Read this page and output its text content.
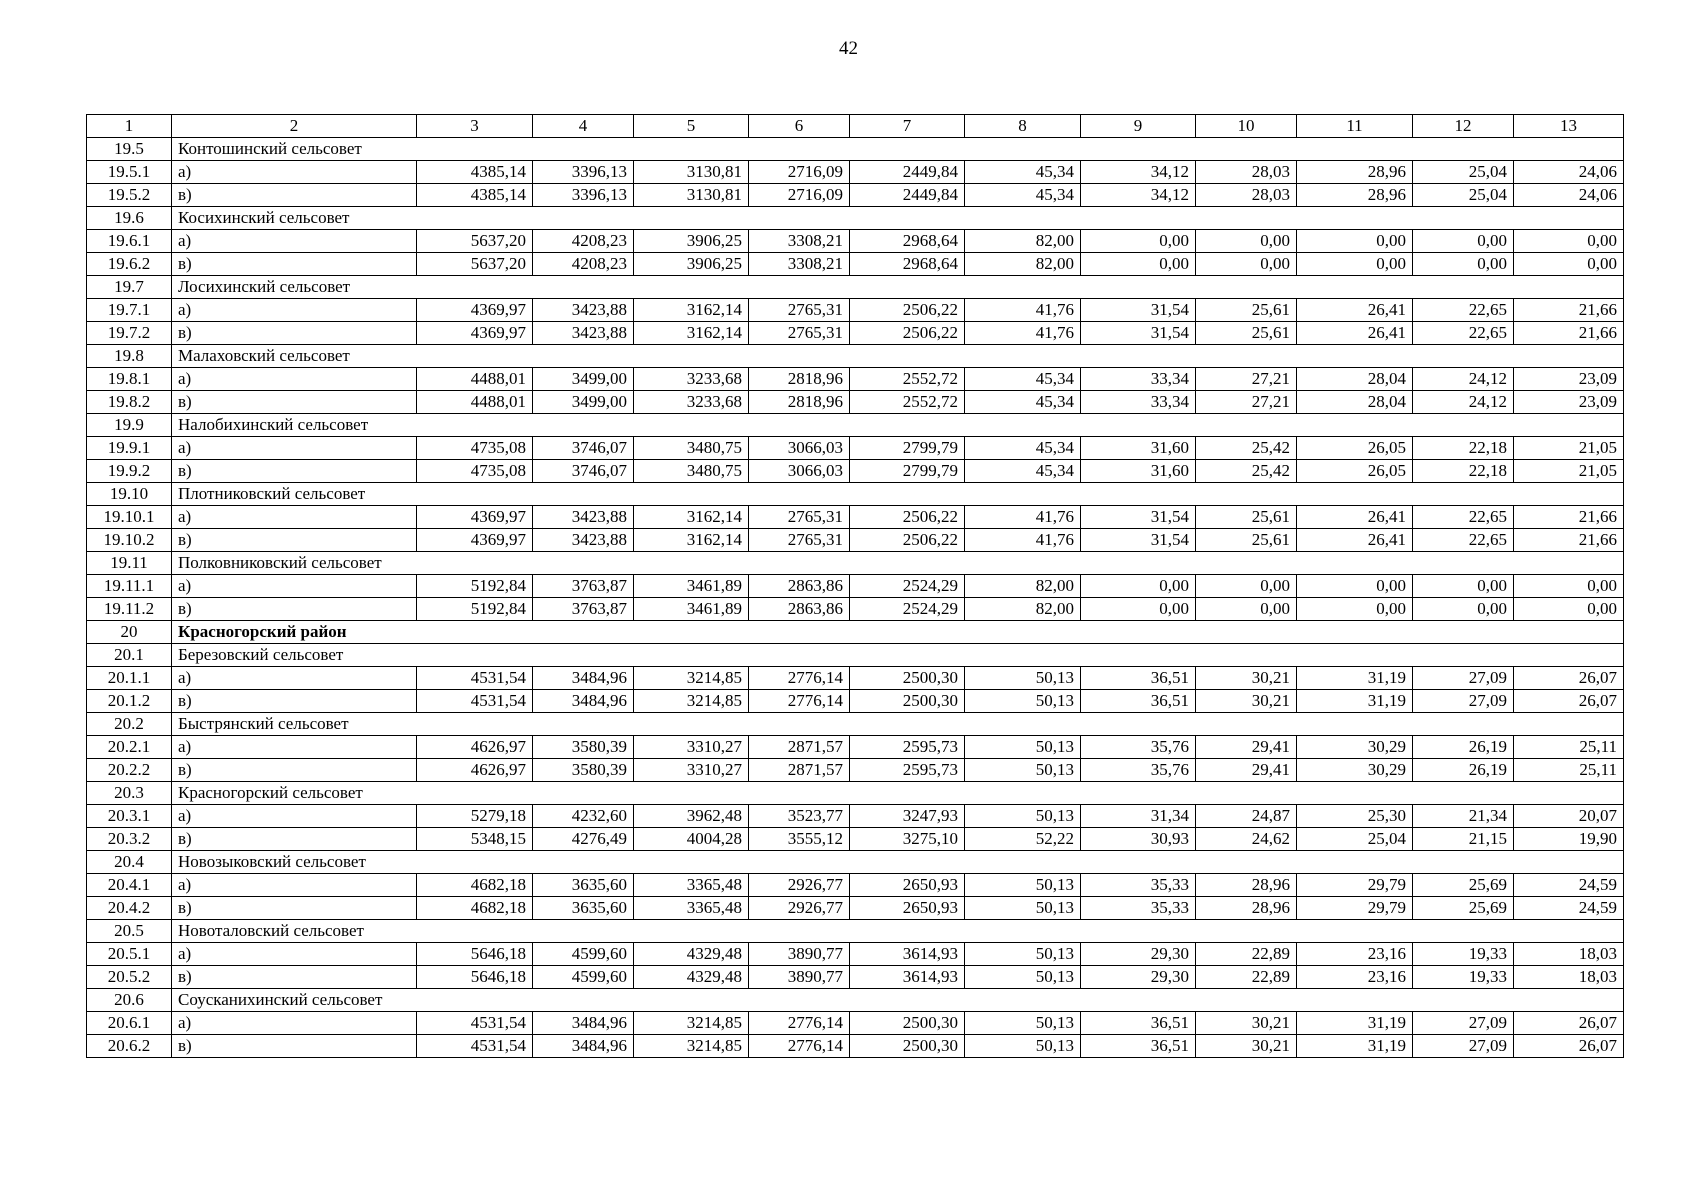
42
1	2	3	4	5	6	7	8	9	10	11	12	13
19.5	Контошинский сельсовет											
19.5.1	а)	4385,14	3396,13	3130,81	2716,09	2449,84	45,34	34,12	28,03	28,96	25,04	24,06
19.5.2	в)	4385,14	3396,13	3130,81	2716,09	2449,84	45,34	34,12	28,03	28,96	25,04	24,06
19.6	Косихинский сельсовет											
19.6.1	а)	5637,20	4208,23	3906,25	3308,21	2968,64	82,00	0,00	0,00	0,00	0,00	0,00
19.6.2	в)	5637,20	4208,23	3906,25	3308,21	2968,64	82,00	0,00	0,00	0,00	0,00	0,00
19.7	Лосихинский сельсовет											
19.7.1	а)	4369,97	3423,88	3162,14	2765,31	2506,22	41,76	31,54	25,61	26,41	22,65	21,66
19.7.2	в)	4369,97	3423,88	3162,14	2765,31	2506,22	41,76	31,54	25,61	26,41	22,65	21,66
19.8	Малаховский сельсовет											
19.8.1	а)	4488,01	3499,00	3233,68	2818,96	2552,72	45,34	33,34	27,21	28,04	24,12	23,09
19.8.2	в)	4488,01	3499,00	3233,68	2818,96	2552,72	45,34	33,34	27,21	28,04	24,12	23,09
19.9	Налобихинский сельсовет											
19.9.1	а)	4735,08	3746,07	3480,75	3066,03	2799,79	45,34	31,60	25,42	26,05	22,18	21,05
19.9.2	в)	4735,08	3746,07	3480,75	3066,03	2799,79	45,34	31,60	25,42	26,05	22,18	21,05
19.10	Плотниковский сельсовет											
19.10.1	а)	4369,97	3423,88	3162,14	2765,31	2506,22	41,76	31,54	25,61	26,41	22,65	21,66
19.10.2	в)	4369,97	3423,88	3162,14	2765,31	2506,22	41,76	31,54	25,61	26,41	22,65	21,66
19.11	Полковниковский сельсовет											
19.11.1	а)	5192,84	3763,87	3461,89	2863,86	2524,29	82,00	0,00	0,00	0,00	0,00	0,00
19.11.2	в)	5192,84	3763,87	3461,89	2863,86	2524,29	82,00	0,00	0,00	0,00	0,00	0,00
20	Красногорский район											
20.1	Березовский сельсовет											
20.1.1	а)	4531,54	3484,96	3214,85	2776,14	2500,30	50,13	36,51	30,21	31,19	27,09	26,07
20.1.2	в)	4531,54	3484,96	3214,85	2776,14	2500,30	50,13	36,51	30,21	31,19	27,09	26,07
20.2	Быстрянский сельсовет											
20.2.1	а)	4626,97	3580,39	3310,27	2871,57	2595,73	50,13	35,76	29,41	30,29	26,19	25,11
20.2.2	в)	4626,97	3580,39	3310,27	2871,57	2595,73	50,13	35,76	29,41	30,29	26,19	25,11
20.3	Красногорский сельсовет											
20.3.1	а)	5279,18	4232,60	3962,48	3523,77	3247,93	50,13	31,34	24,87	25,30	21,34	20,07
20.3.2	в)	5348,15	4276,49	4004,28	3555,12	3275,10	52,22	30,93	24,62	25,04	21,15	19,90
20.4	Новозыковский сельсовет											
20.4.1	а)	4682,18	3635,60	3365,48	2926,77	2650,93	50,13	35,33	28,96	29,79	25,69	24,59
20.4.2	в)	4682,18	3635,60	3365,48	2926,77	2650,93	50,13	35,33	28,96	29,79	25,69	24,59
20.5	Новоталовский сельсовет											
20.5.1	а)	5646,18	4599,60	4329,48	3890,77	3614,93	50,13	29,30	22,89	23,16	19,33	18,03
20.5.2	в)	5646,18	4599,60	4329,48	3890,77	3614,93	50,13	29,30	22,89	23,16	19,33	18,03
20.6	Соусканихинский сельсовет											
20.6.1	а)	4531,54	3484,96	3214,85	2776,14	2500,30	50,13	36,51	30,21	31,19	27,09	26,07
20.6.2	в)	4531,54	3484,96	3214,85	2776,14	2500,30	50,13	36,51	30,21	31,19	27,09	26,07
